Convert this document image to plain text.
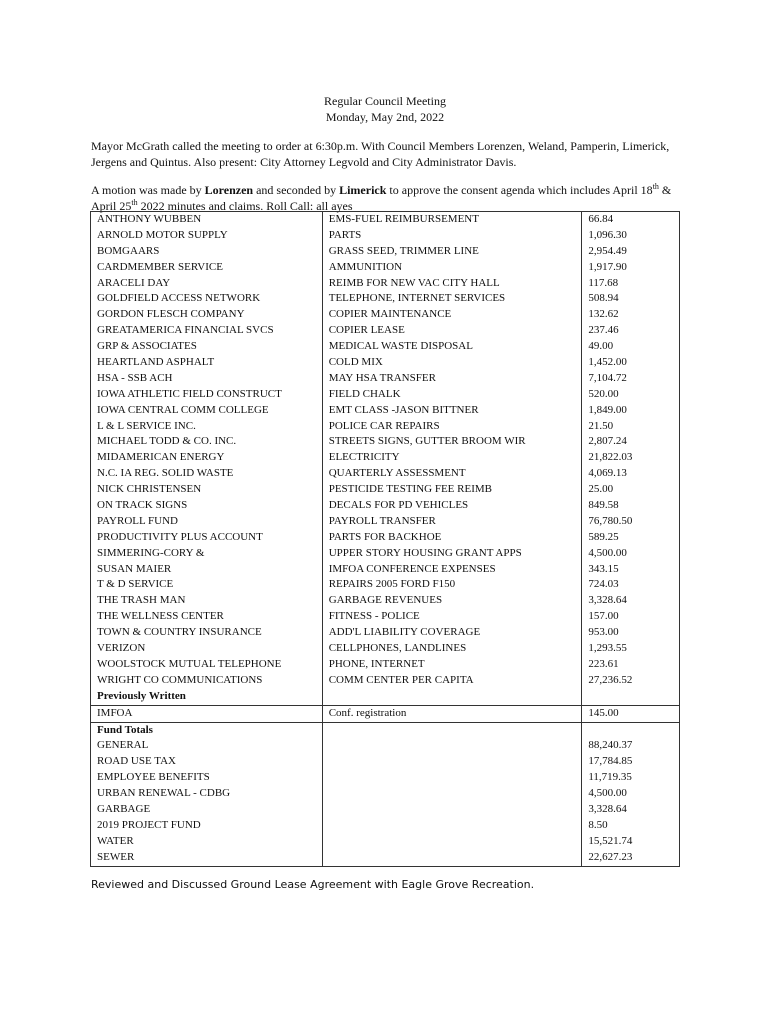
Regular Council Meeting
Monday, May 2nd, 2022
Mayor McGrath called the meeting to order at 6:30p.m. With Council Members Lorenzen, Weland, Pamperin, Limerick, Jergens and Quintus. Also present: City Attorney Legvold and City Administrator Davis.
A motion was made by Lorenzen and seconded by Limerick to approve the consent agenda which includes April 18th & April 25th 2022 minutes and claims. Roll Call: all ayes
ANTHONY WUBBEN	EMS-FUEL REIMBURSEMENT	66.84
ARNOLD MOTOR SUPPLY	PARTS	1,096.30
BOMGAARS	GRASS SEED, TRIMMER LINE	2,954.49
CARDMEMBER SERVICE	AMMUNITION	1,917.90
ARACELI DAY	REIMB FOR NEW VAC CITY HALL	117.68
GOLDFIELD ACCESS NETWORK	TELEPHONE, INTERNET SERVICES	508.94
GORDON FLESCH COMPANY	COPIER MAINTENANCE	132.62
GREATAMERICA FINANCIAL SVCS	COPIER LEASE	237.46
GRP & ASSOCIATES	MEDICAL WASTE DISPOSAL	49.00
HEARTLAND ASPHALT	COLD MIX	1,452.00
HSA - SSB ACH	MAY HSA TRANSFER	7,104.72
IOWA ATHLETIC FIELD CONSTRUCT	FIELD CHALK	520.00
IOWA CENTRAL COMM COLLEGE	EMT CLASS -JASON BITTNER	1,849.00
L & L SERVICE INC.	POLICE CAR REPAIRS	21.50
MICHAEL TODD & CO. INC.	STREETS SIGNS, GUTTER BROOM WIR	2,807.24
MIDAMERICAN ENERGY	ELECTRICITY	21,822.03
N.C. IA REG. SOLID WASTE	QUARTERLY ASSESSMENT	4,069.13
NICK CHRISTENSEN	PESTICIDE TESTING FEE REIMB	25.00
ON TRACK SIGNS	DECALS FOR PD VEHICLES	849.58
PAYROLL FUND	PAYROLL TRANSFER	76,780.50
PRODUCTIVITY PLUS ACCOUNT	PARTS FOR BACKHOE	589.25
SIMMERING-CORY &	UPPER STORY HOUSING GRANT APPS	4,500.00
SUSAN MAIER	IMFOA CONFERENCE EXPENSES	343.15
T & D SERVICE	REPAIRS 2005 FORD F150	724.03
THE TRASH MAN	GARBAGE REVENUES	3,328.64
THE WELLNESS CENTER	FITNESS - POLICE	157.00
TOWN & COUNTRY INSURANCE	ADD'L LIABILITY COVERAGE	953.00
VERIZON	CELLPHONES, LANDLINES	1,293.55
WOOLSTOCK MUTUAL TELEPHONE	PHONE, INTERNET	223.61
WRIGHT CO COMMUNICATIONS	COMM CENTER PER CAPITA	27,236.52
Previously Written		
IMFOA	Conf. registration	145.00
Fund Totals		
GENERAL		88,240.37
ROAD USE TAX		17,784.85
EMPLOYEE BENEFITS		11,719.35
URBAN RENEWAL - CDBG		4,500.00
GARBAGE		3,328.64
2019 PROJECT FUND		8.50
WATER		15,521.74
SEWER		22,627.23
Reviewed and Discussed Ground Lease Agreement with Eagle Grove Recreation.
